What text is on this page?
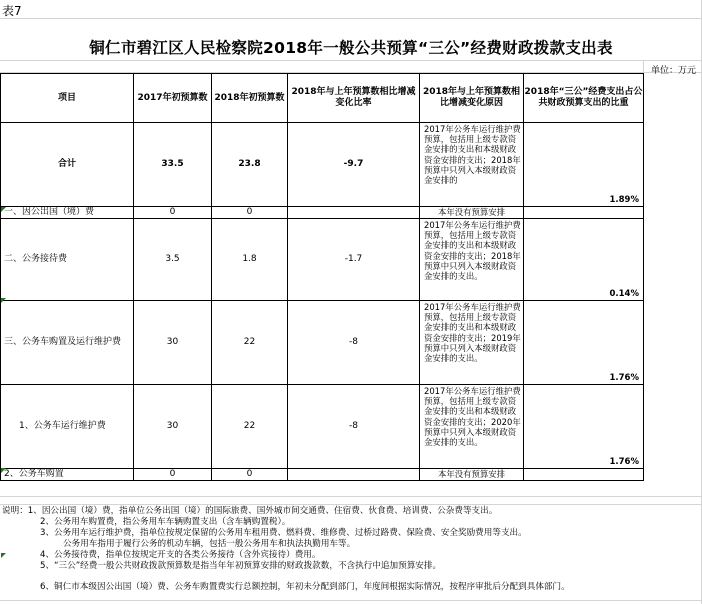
表7
铜仁市碧江区人民检察院2018年一般公共预算“三公”经费财政拨款支出表
单位：万元
项目	2017年初预算数	2018年初预算数	2018年与上年预算数相比增减变化比率	2018年与上年预算数相比增减变化原因	2018年“三公”经费支出占公共财政预算支出的比重	
合计	33.5	23.8	-9.7	2017年公务车运行维护费预算，包括用上级专款资金安排的支出和本级财政资金安排的支出；2018年预算中只列入本级财政资金安排的	1.89%	
一、因公出国（境）费	0	0		本年没有预算安排		
二、公务接待费	3.5	1.8	-1.7	2017年公务车运行维护费预算，包括用上级专款资金安排的支出和本级财政资金安排的支出；2018年预算中只列入本级财政资金安排的支出。	0.14%	
三、公务车购置及运行维护费	30	22	-8	2017年公务车运行维护费预算，包括用上级专款资金安排的支出和本级财政资金安排的支出；2019年预算中只列入本级财政资金安排的支出。	1.76%	
1、公务车运行维护费	30	22	-8	2017年公务车运行维护费预算，包括用上级专款资金安排的支出和本级财政资金安排的支出；2020年预算中只列入本级财政资金安排的支出。	1.76%	
2、公务车购置	0	0		本年没有预算安排		
说明：1、因公出国（境）费，指单位公务出国（境）的国际旅费、国外城市间交通费、住宿费、伙食费、培训费、公杂费等支出。
2、公务用车购置费，指公务用车车辆购置支出（含车辆购置税）。
3、公务用车运行维护费，指单位按规定保留的公务用车租用费、燃料费、维修费、过桥过路费、保险费、安全奖励费用等支出。
公务用车指用于履行公务的机动车辆，包括一般公务用车和执法执勤用车等。
4、公务接待费，指单位按规定开支的各类公务接待（含外宾接待）费用。
5、“三公”经费一般公共财政拨款预算数是指当年年初预算安排的财政拨款数，不含执行中追加预算安排。
6、铜仁市本级因公出国（境）费、公务车购置费实行总额控制，年初未分配到部门，年度间根据实际情况，按程序审批后分配到具体部门。
